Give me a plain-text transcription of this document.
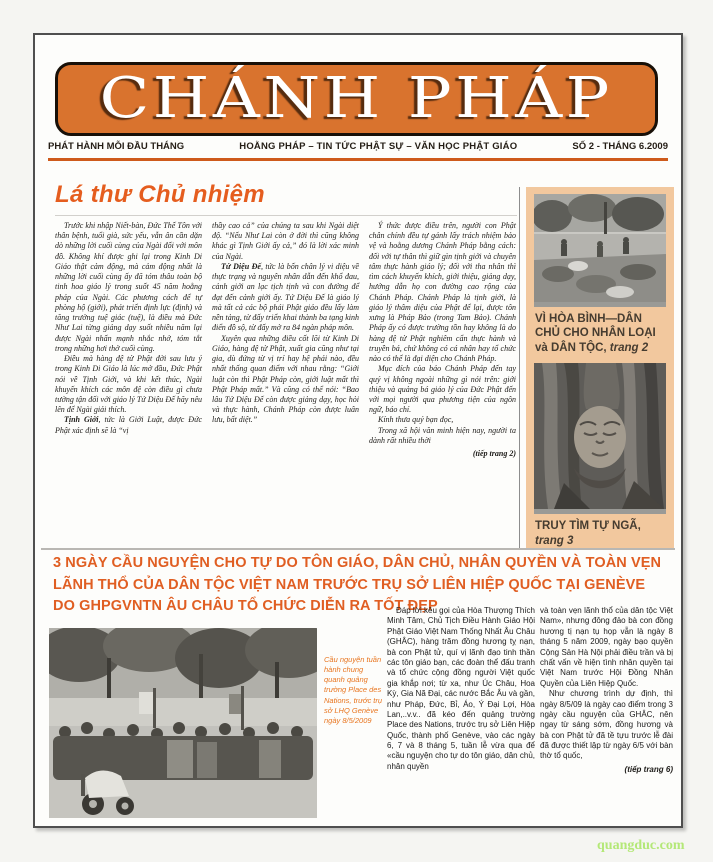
CHÁNH PHÁP
PHÁT HÀNH MỖI ĐẦU THÁNG	HOẰNG PHÁP – TIN TỨC PHẬT SỰ – VĂN HỌC PHẬT GIÁO	SỐ 2 - THÁNG 6.2009
Lá thư Chủ nhiệm

Trước khi nhập Niết-bàn, Đức Thế Tôn với thân bệnh, tuổi già, sức yếu, vẫn ân cần dặn dò những lời cuối cùng của Ngài đối với môn đồ. Không khí được ghi lại trong Kinh Di Giáo thật cảm động, mà cảm động nhất là những lời cuối cùng ấy đã tóm thâu toàn bộ tinh hoa giáo lý trong suốt 45 năm hoằng pháp của Ngài. Các phương cách để tự phòng hộ (giới), phát triển định lực (định) và tăng trưởng tuệ giác (tuệ), là điều mà Đức Như Lai từng giảng dạy suốt nhiều năm lại được Ngài nhấn mạnh nhắc nhở, tóm tắt trong những hơi thở cuối cùng.

Điều mà hàng đệ tử Phật đời sau lưu ý trong Kinh Di Giáo là lúc mở đầu, Đức Phật nói về Tịnh Giới, và khi kết thúc, Ngài khuyến khích các môn đệ còn điều gì chưa tường tận đối với giáo lý Tứ Diệu Đế hãy nêu lên để Ngài giải thích.

Tịnh Giới, tức là Giới Luật, được Đức Phật xác định sẽ là “vị

thầy cao cả” của chúng ta sau khi Ngài diệt độ. “Nếu Như Lai còn ở đời thì cũng không khác gì Tịnh Giới ấy cả,” đó là lời xác minh của Ngài.

Tứ Diệu Đế, tức là bốn chân lý vi diệu về thực trạng và nguyên nhân dẫn đến khổ đau, cảnh giới an lạc tịch tịnh và con đường để đạt đến cảnh giới ấy. Tứ Diệu Đế là giáo lý mà tất cả các bộ phái Phật giáo đều lấy làm nền tảng, từ đấy triển khai thành ba tạng kinh điển đồ sộ, từ đấy mở ra 84 ngàn pháp môn.

Xuyên qua những điều cốt lõi từ Kinh Di Giáo, hàng đệ tử Phật, xuất gia cũng như tại gia, dù đứng từ vị trí hay hệ phái nào, đều nhất thống quan điểm với nhau rằng: “Giới luật còn thì Phật Pháp còn, giới luật mất thì Phật Pháp mất.” Và cũng có thể nói: “Bao lâu Tứ Diệu Đế còn được giảng dạy, học hỏi và thực hành, Chánh Pháp còn được luân lưu, bất diệt.”

Ý thức được điều trên, người con Phật chân chính đều tự gánh lấy trách nhiệm bảo vệ và hoằng dương Chánh Pháp bằng cách: đối với tự thân thì giữ gìn tịnh giới và chuyên tâm thực hành giáo lý; đối với tha nhân thì tìm cách khuyến khích, giới thiệu, giảng dạy, hướng dẫn họ con đường cao rộng của Chánh Pháp. Chánh Pháp là tịnh giới, là giáo lý thâm diệu của Phật để lại, được tôn xưng là Pháp Bảo (trong Tam Bảo). Chánh Pháp ấy có được trường tồn hay không là do hàng đệ tử Phật nghiêm cẩn thực hành và truyền bá, chứ không có cá nhân hay tổ chức nào có thể là đại diện cho Chánh Pháp.

Mục đích của báo Chánh Pháp đến tay quý vị không ngoài những gì nói trên: giới thiệu và quảng bá giáo lý của Đức Phật đến với mọi người qua phương tiện của ngôn ngữ, báo chí.

Kính thưa quý bạn đọc,

Trong xã hội văn minh hiện nay, người ta dành rất nhiều thời

(tiếp trang 2)
VÌ HÒA BÌNH—DÂN CHỦ CHO NHÂN LOẠI và DÂN TỘC, trang 2
TRUY TÌM TỰ NGÃ,
trang 3
3 NGÀY CẦU NGUYỆN CHO TỰ DO TÔN GIÁO, DÂN CHỦ, NHÂN QUYỀN VÀ TOÀN VẸN
LÃNH THỔ CỦA DÂN TỘC VIỆT NAM TRƯỚC TRỤ SỞ LIÊN HIỆP QUỐC TẠI GENÈVE
DO GHPGVNTN ÂU CHÂU TỔ CHỨC DIỄN RA TỐT ĐẸP
Cầu nguyện tuần hành chung quanh quảng trường Place des Nations, trước trụ sở LHQ Genève ngày 8/5/2009

Đáp lời kêu gọi của Hòa Thượng Thích Minh Tâm, Chủ Tịch Điều Hành Giáo Hội Phật Giáo Việt Nam Thống Nhất Âu Châu (GHÂC), hàng trăm đồng hương tỵ nạn, bà con Phật tử, quí vị lãnh đạo tinh thần các tôn giáo bạn, các đoàn thể đấu tranh và tổ chức cộng đồng người Việt quốc gia khắp nơi; từ xa, như Úc Châu, Hoa Kỳ, Gia Nã Đại, các nước Bắc Âu và gần, như Pháp, Đức, Bỉ, Áo, Ý Đại Lợi, Hòa Lan,..v.v.. đã kéo đến quảng trường Place des Nations, trước trụ sở Liên Hiệp Quốc, thành phố Genève, vào các ngày 6, 7 và 8 tháng 5, tuần lễ vừa qua để «cầu nguyện cho tự do tôn giáo, dân chủ, nhân quyền

và toàn vẹn lãnh thổ của dân tộc Việt Nam», nhưng đông đảo bà con đồng hương tị nạn tụ họp vẫn là ngày 8 tháng 5 năm 2009, ngày bạo quyền Cộng Sản Hà Nội phải điều trần và bị chất vấn về hiện tình nhân quyền tại Việt Nam trước Hội Đồng Nhân Quyền của Liên Hiệp Quốc.

Như chương trình dự định, thì ngày 8/5/09 là ngày cao điểm trong 3 ngày cầu nguyện của GHÂC, nên ngay từ sáng sớm, đồng hương và bà con Phật tử đã tề tựu trước lễ đài đã được thiết lập từ ngày 6/5 với bàn thờ tổ quốc,

(tiếp trang 6)
quangduc.com
